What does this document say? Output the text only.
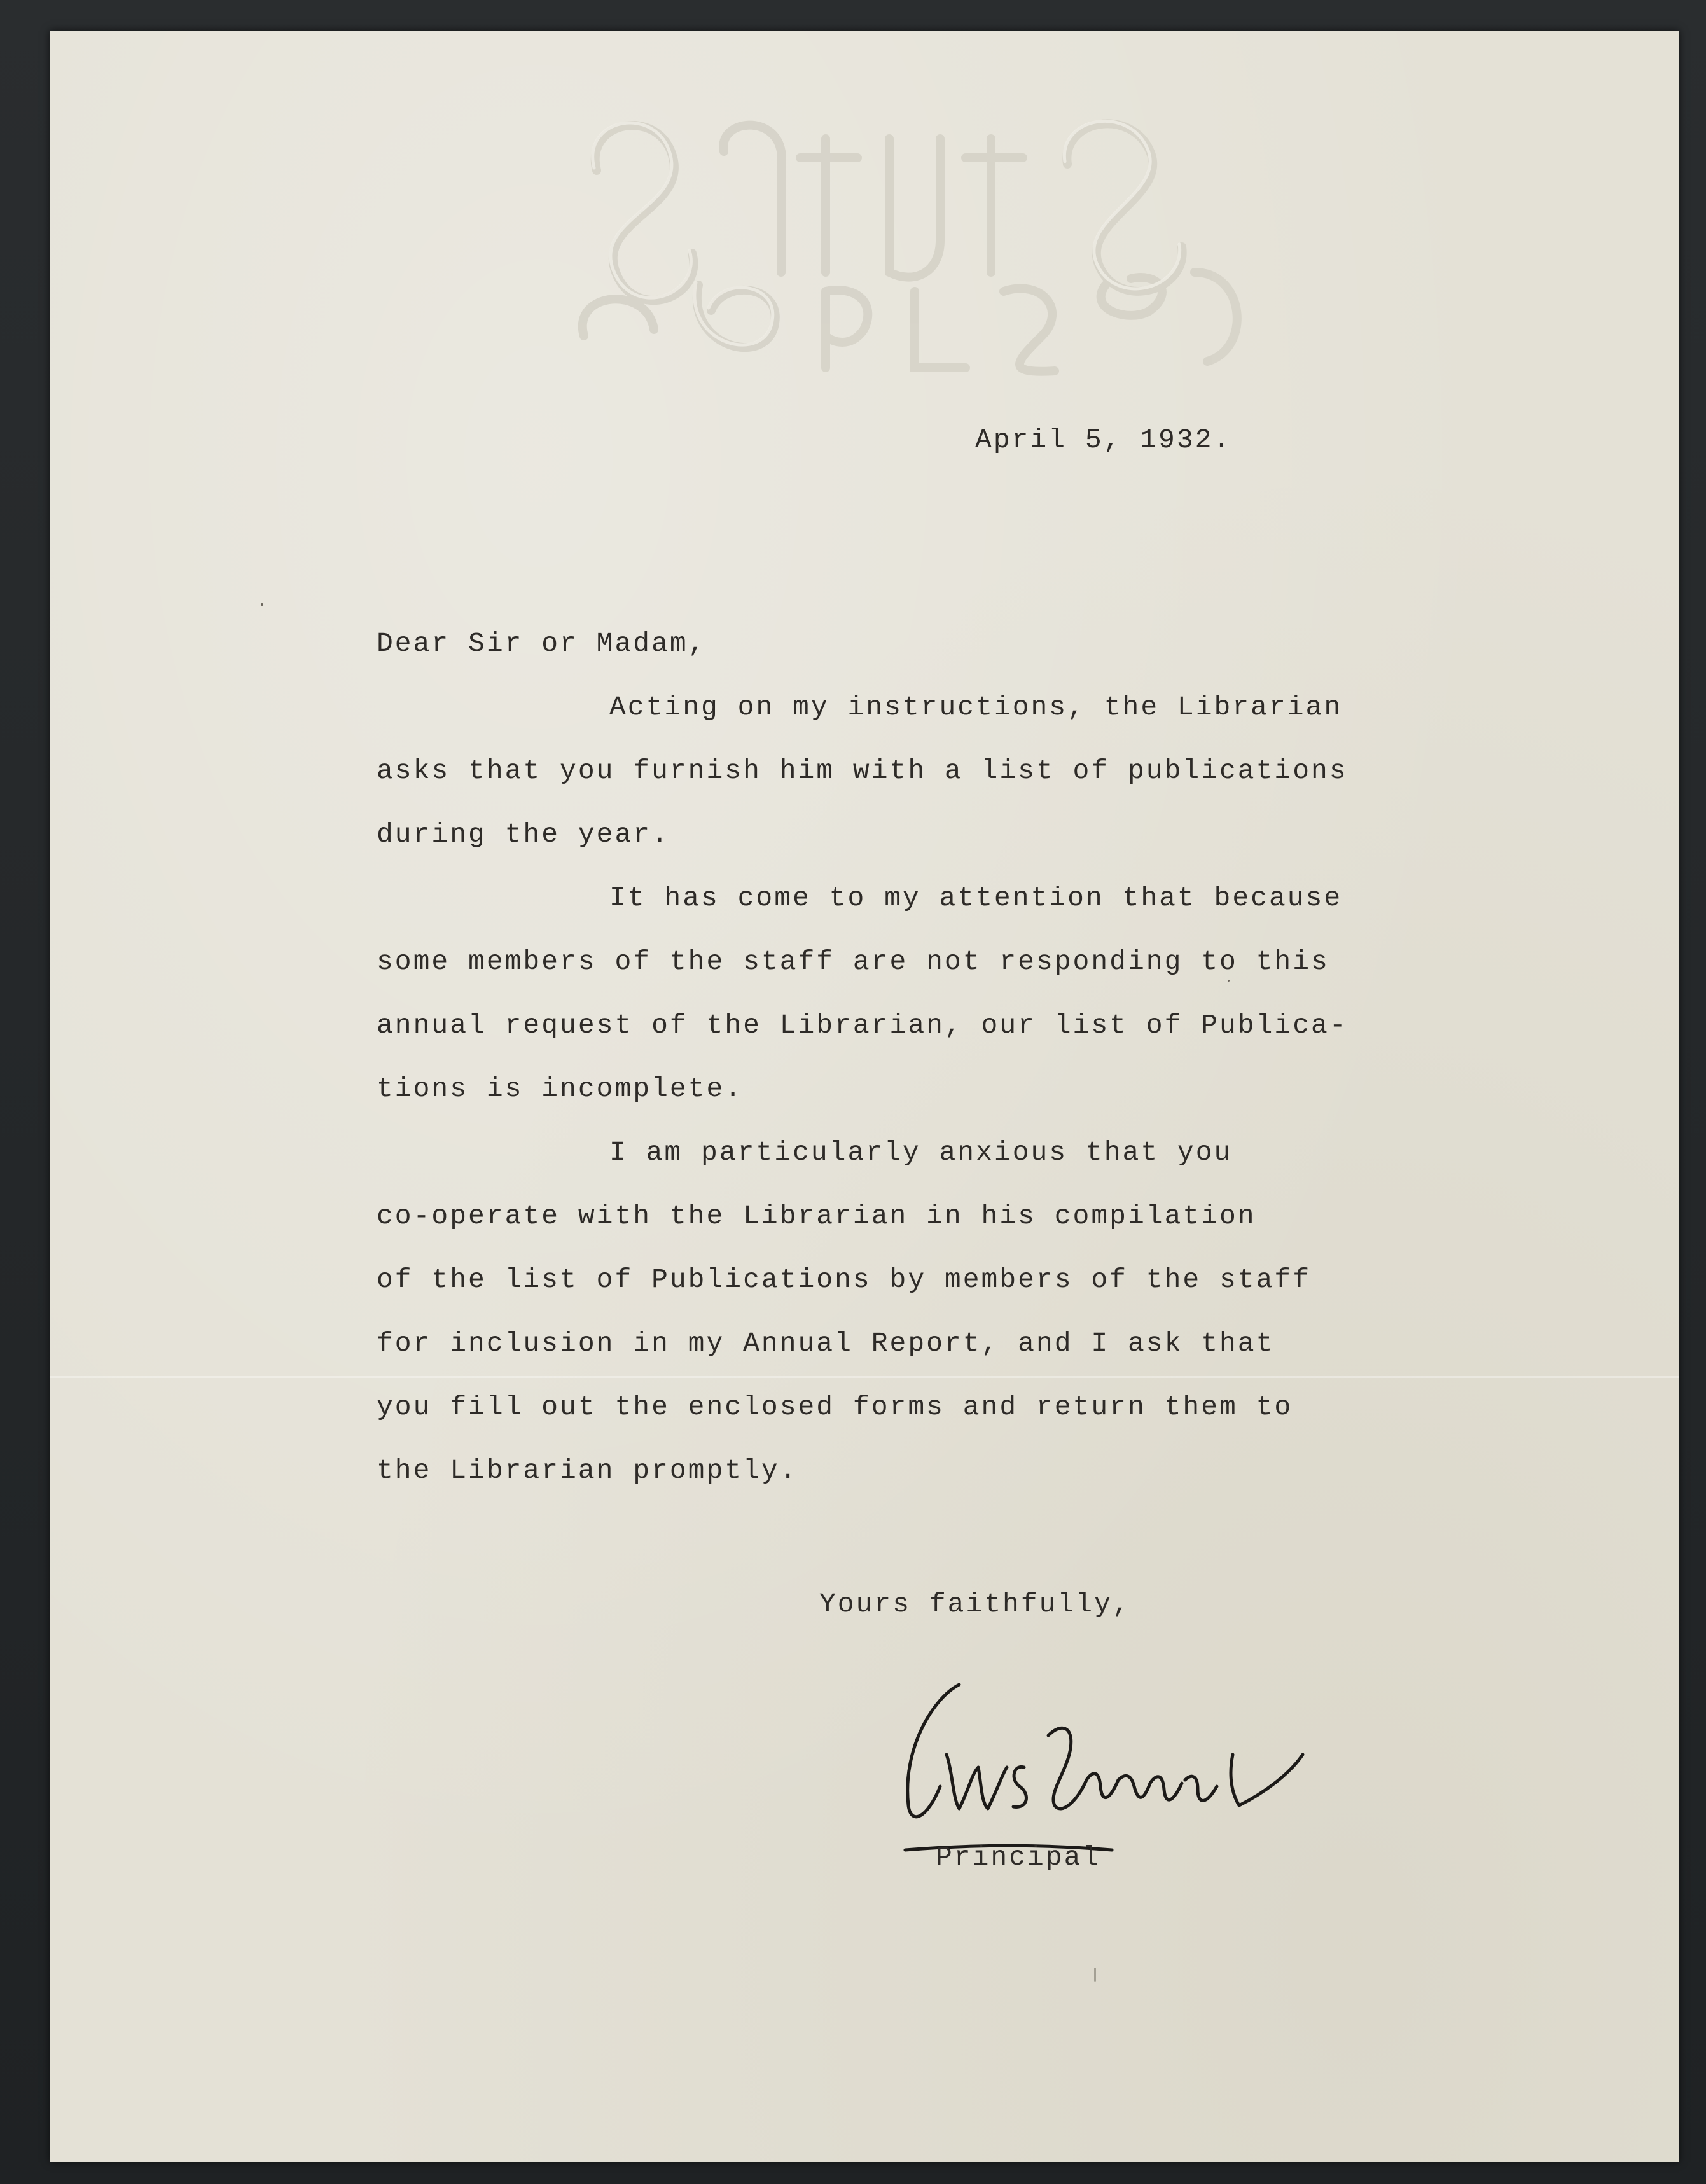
April 5, 1932.

Dear Sir or Madam,

Acting on my instructions, the Librarian

asks that you furnish him with a list of publications

during the year.

It has come to my attention that because

some members of the staff are not responding to this

annual request of the Librarian, our list of Publica-

tions is incomplete.

I am particularly anxious that you

co-operate with the Librarian in his compilation

of the list of Publications by members of the staff

for inclusion in my Annual Report, and I ask that

you fill out the enclosed forms and return them to

the Librarian promptly.

Yours faithfully,

Principal
